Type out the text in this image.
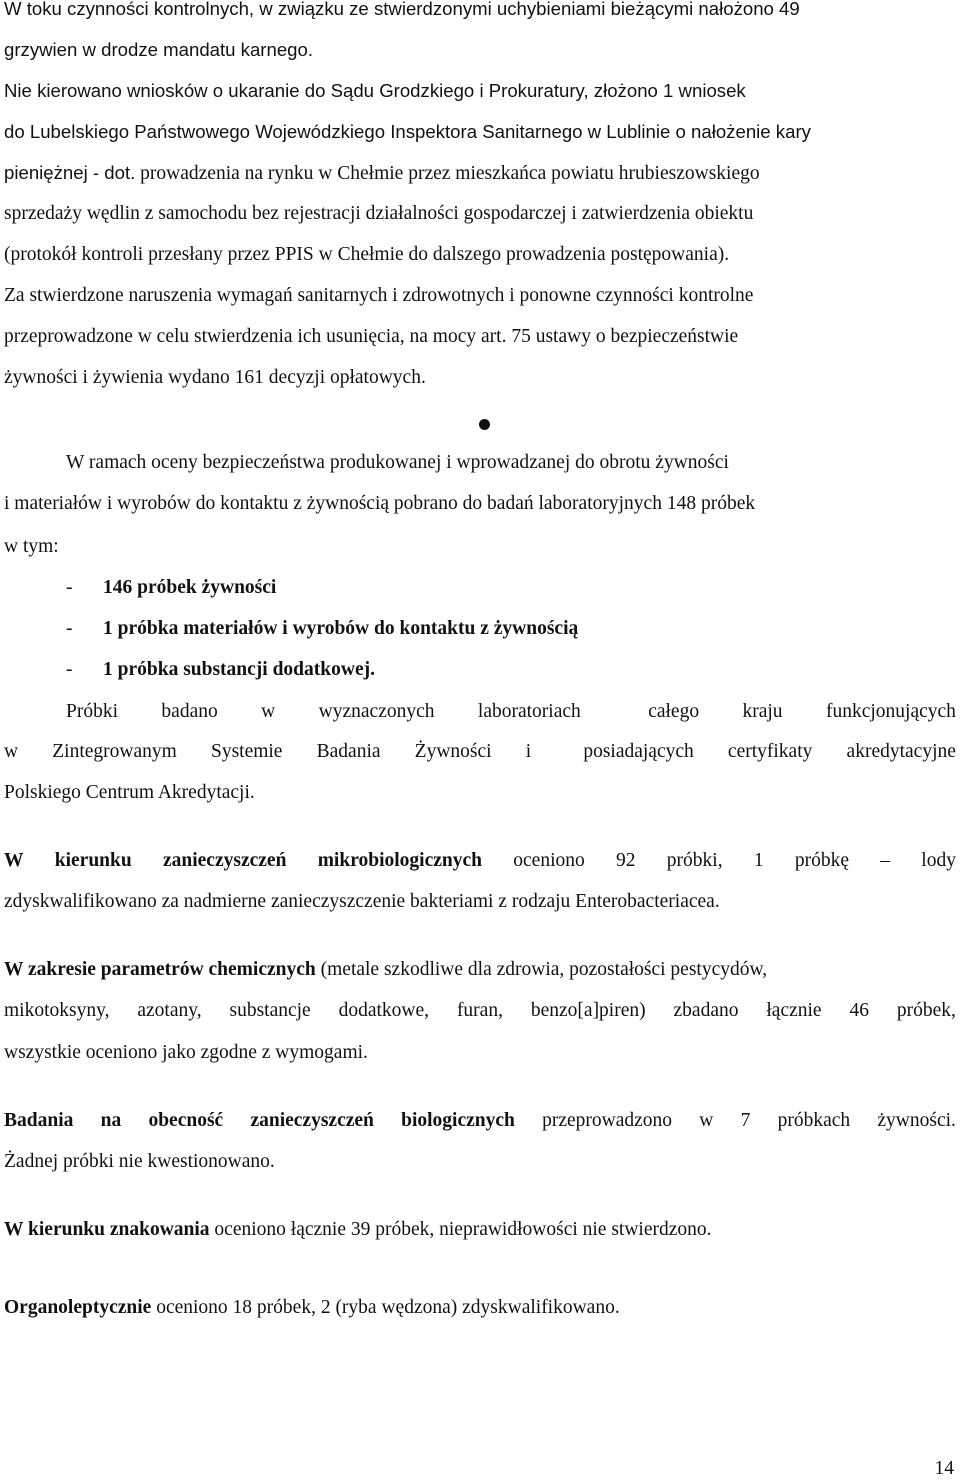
W toku czynności kontrolnych, w związku ze stwierdzonymi uchybieniami bieżącymi nałożono 49
grzywien w drodze mandatu karnego.
Nie kierowano wniosków o ukaranie do Sądu Grodzkiego i Prokuratury, złożono 1 wniosek
do Lubelskiego Państwowego Wojewódzkiego Inspektora Sanitarnego w Lublinie o nałożenie kary
pieniężnej - dot. prowadzenia na rynku w Chełmie przez mieszkańca powiatu hrubieszowskiego
sprzedaży wędlin z samochodu bez rejestracji działalności gospodarczej i zatwierdzenia obiektu
(protokół kontroli przesłany przez PPIS w Chełmie do dalszego prowadzenia postępowania).
Za stwierdzone naruszenia wymagań sanitarnych i zdrowotnych i ponowne czynności kontrolne
przeprowadzone w celu stwierdzenia ich usunięcia, na mocy art. 75 ustawy o bezpieczeństwie
żywności i żywienia wydano 161 decyzji opłatowych.
W ramach oceny bezpieczeństwa produkowanej i wprowadzanej do obrotu żywności
i materiałów i wyrobów do kontaktu z żywnością pobrano do badań laboratoryjnych 148 próbek
w tym:
- 146 próbek żywności
- 1 próbka materiałów i wyrobów do kontaktu z żywnością
- 1 próbka substancji dodatkowej.
Próbki badano w wyznaczonych laboratoriach	całego kraju funkcjonujących
w Zintegrowanym Systemie Badania Żywności i	posiadających certyfikaty akredytacyjne
Polskiego Centrum Akredytacji.
W kierunku zanieczyszczeń mikrobiologicznych oceniono 92 próbki, 1 próbkę – lody
zdyskwalifikowano za nadmierne zanieczyszczenie bakteriami z rodzaju Enterobacteriacea.
W zakresie parametrów chemicznych (metale szkodliwe dla zdrowia, pozostałości pestycydów,
mikotoksyny, azotany, substancje dodatkowe, furan, benzo[a]piren) zbadano łącznie 46 próbek,
wszystkie oceniono jako zgodne z wymogami.
Badania na obecność zanieczyszczeń biologicznych przeprowadzono w 7 próbkach żywności.
Żadnej próbki nie kwestionowano.
W kierunku znakowania oceniono łącznie 39 próbek, nieprawidłowości nie stwierdzono.
Organoleptycznie oceniono 18 próbek, 2 (ryba wędzona) zdyskwalifikowano.
14
